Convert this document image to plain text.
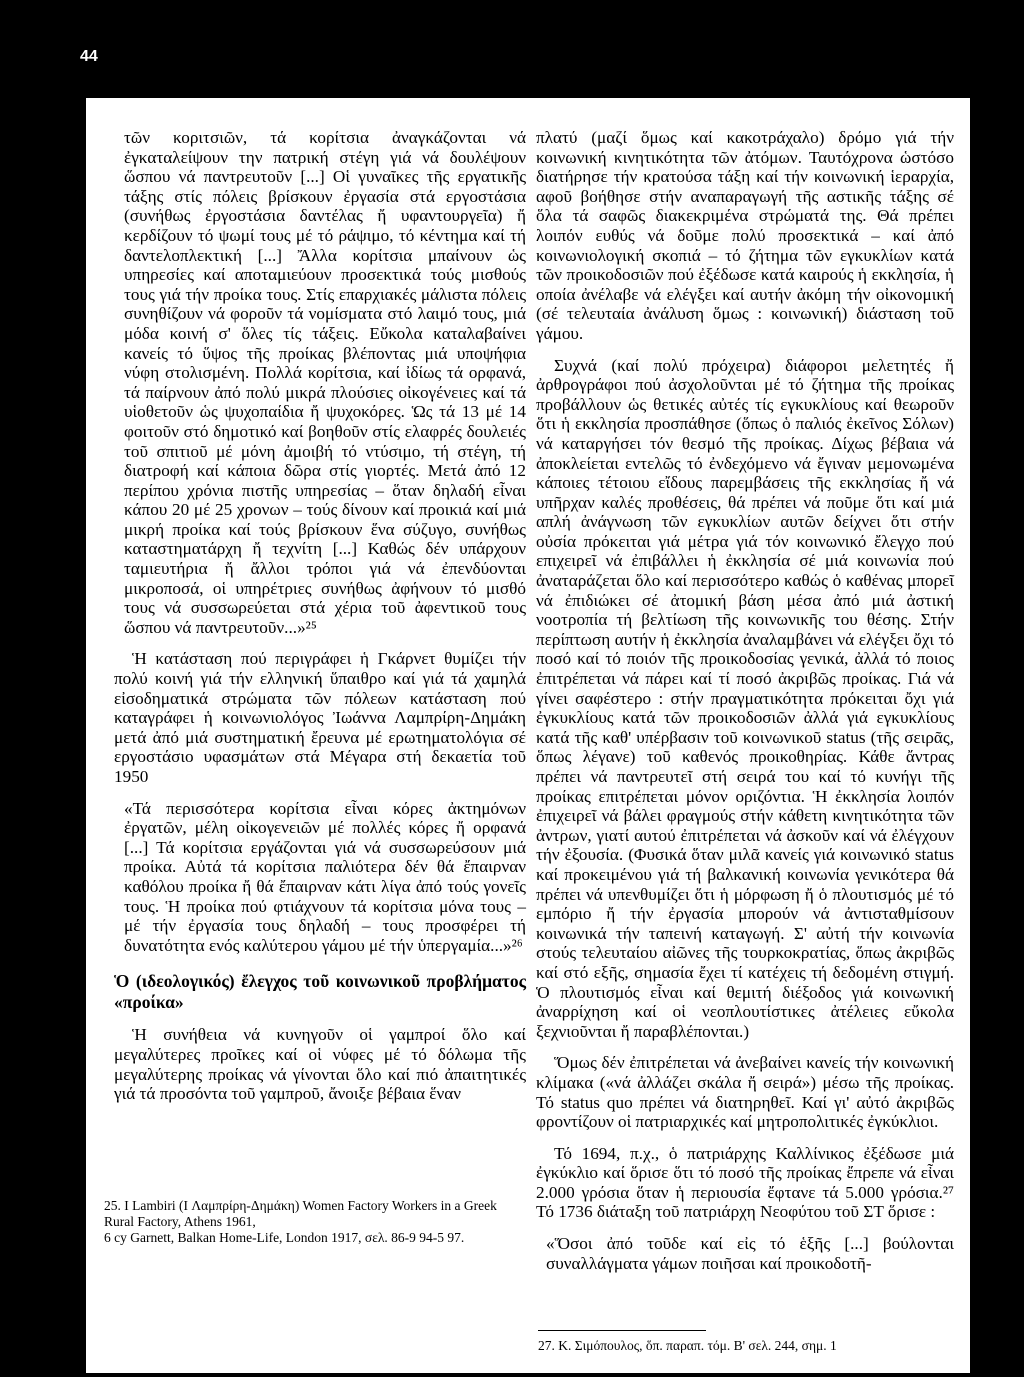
44

τῶν κοριτσιῶν, τά κορίτσια ἀναγκάζονται νά ἐγκαταλείψουν την πατρική στέγη γιά νά δουλέψουν ὥσπου νά παντρευτοῦν [...] Οἱ γυναῖκες τῆς εργατικῆς τάξης στίς πόλεις βρίσκουν ἐργασία στά εργοστάσια (συνήθως ἐργοστάσια δαντέλας ἤ υφαντουργεῖα) ἤ κερδίζουν τό ψωμί τους μέ τό ράψιμο, τό κέντημα καί τή δαντελοπλεκτική [...] Ἄλλα κορίτσια μπαίνουν ὡς υπηρεσίες καί αποταμιεύουν προσεκτικά τούς μισθούς τους γιά τήν προίκα τους. Στίς επαρχιακές μάλιστα πόλεις συνηθίζουν νά φοροῦν τά νομίσματα στό λαιμό τους, μιά μόδα κοινή σ' ὅλες τίς τάξεις. Εὔκολα καταλαβαίνει κανείς τό ὕψος τῆς προίκας βλέποντας μιά υποψήφια νύφη στολισμένη. Πολλά κορίτσια, καί ἰδίως τά ορφανά, τά παίρνουν ἀπό πολύ μικρά πλούσιες οἰκογένειες καί τά υἱοθετοῦν ὡς ψυχοπαίδια ἤ ψυχοκόρες. Ὡς τά 13 μέ 14 φοιτοῦν στό δημοτικό καί βοηθοῦν στίς ελαφρές δουλειές τοῦ σπιτιοῦ μέ μόνη ἀμοιβή τό ντύσιμο, τή στέγη, τή διατροφή καί κάποια δῶρα στίς γιορτές. Μετά ἀπό 12 περίπου χρόνια πιστῆς υπηρεσίας – ὅταν δηλαδή εἶναι κάπου 20 μέ 25 χρονων – τούς δίνουν καί προικιά καί μιά μικρή προίκα καί τούς βρίσκουν ἕνα σύζυγο, συνήθως καταστηματάρχη ἤ τεχνίτη [...] Καθώς δέν υπάρχουν ταμιευτήρια ἤ ἄλλοι τρόποι γιά νά ἐπενδύονται μικροποσά, οἱ υπηρέτριες συνήθως ἀφήνουν τό μισθό τους νά συσσωρεύεται στά χέρια τοῦ ἀφεντικοῦ τους ὥσπου νά παντρευτοῦν...»²⁵

Ἡ κατάσταση πού περιγράφει ἡ Γκάρνετ θυμίζει τήν πολύ κοινή γιά τήν ελληνική ὕπαιθρο καί γιά τά χαμηλά εἰσοδηματικά στρώματα τῶν πόλεων κατάσταση πού καταγράφει ἡ κοινωνιολόγος Ἰωάννα Λαμπρίρη-Δημάκη μετά ἀπό μιά συστηματική ἔρευνα μέ ερωτηματολόγια σέ εργοστάσιο υφασμάτων στά Μέγαρα στή δεκαετία τοῦ 1950

«Τά περισσότερα κορίτσια εἶναι κόρες ἀκτημόνων ἐργατῶν, μέλη οἰκογενειῶν μέ πολλές κόρες ἤ ορφανά [...] Τά κορίτσια εργάζονται γιά νά συσσωρεύσουν μιά προίκα. Αὐτά τά κορίτσια παλιότερα δέν θά ἔπαιρναν καθόλου προίκα ἤ θά ἔπαιρναν κάτι λίγα ἀπό τούς γονεῖς τους. Ἡ προίκα πού φτιάχνουν τά κορίτσια μόνα τους – μέ τήν ἐργασία τους δηλαδή – τους προσφέρει τή δυνατότητα ενός καλύτερου γάμου μέ τήν ὑπεργαμία...»²⁶

Ὁ (ιδεολογικός) ἔλεγχος τοῦ κοινωνικοῦ προβλήματος «προίκα»

Ἡ συνήθεια νά κυνηγοῦν οἱ γαμπροί ὅλο καί μεγαλύτερες προῖκες καί οἱ νύφες μέ τό δόλωμα τῆς μεγαλύτερης προίκας νά γίνονται ὅλο καί πιό ἀπαιτητικές γιά τά προσόντα τοῦ γαμπροῦ, ἄνοιξε βέβαια ἕναν

25. I Lambiri (I Λαμπρίρη-Δημάκη) Women Factory Workers in a Greek Rural Factory, Athens 1961,
6 cy Garnett, Balkan Home-Life, London 1917, σελ. 86-9 94-5 97.

πλατύ (μαζί ὅμως καί κακοτράχαλο) δρόμο γιά τήν κοινωνική κινητικότητα τῶν ἀτόμων. Ταυτόχρονα ὡστόσο διατήρησε τήν κρατούσα τάξη καί τήν κοινωνική ἱεραρχία, αφοῦ βοήθησε στήν αναπαραγωγή τῆς αστικῆς τάξης σέ ὅλα τά σαφῶς διακεκριμένα στρώματά της. Θά πρέπει λοιπόν ευθύς νά δοῦμε πολύ προσεκτικά – καί ἀπό κοινωνιολογική σκοπιά – τό ζήτημα τῶν εγκυκλίων κατά τῶν προικοδοσιῶν πού ἐξέδωσε κατά καιρούς ἡ εκκλησία, ἡ οποία ἀνέλαβε νά ελέγξει καί αυτήν ἀκόμη τήν οἰκονομική (σέ τελευταία ἀνάλυση ὅμως : κοινωνική) διάσταση τοῦ γάμου.

Συχνά (καί πολύ πρόχειρα) διάφοροι μελετητές ἤ ἀρθρογράφοι πού ἀσχολοῦνται μέ τό ζήτημα τῆς προίκας προβάλλουν ὡς θετικές αὐτές τίς εγκυκλίους καί θεωροῦν ὅτι ἡ εκκλησία προσπάθησε (ὅπως ὁ παλιός ἐκεῖνος Σόλων) νά καταργήσει τόν θεσμό τῆς προίκας. Δίχως βέβαια νά ἀποκλείεται εντελῶς τό ἐνδεχόμενο νά ἔγιναν μεμονωμένα κάποιες τέτοιου εἴδους παρεμβάσεις τῆς εκκλησίας ἤ νά υπῆρχαν καλές προθέσεις, θά πρέπει νά ποῦμε ὅτι καί μιά απλή ἀνάγνωση τῶν εγκυκλίων αυτῶν δείχνει ὅτι στήν οὐσία πρόκειται γιά μέτρα γιά τόν κοινωνικό ἔλεγχο πού επιχειρεῖ νά ἐπιβάλλει ἡ ἐκκλησία σέ μιά κοινωνία πού ἀναταράζεται ὅλο καί περισσότερο καθώς ὁ καθένας μπορεῖ νά ἐπιδιώκει σέ ἀτομική βάση μέσα ἀπό μιά ἀστική νοοτροπία τή βελτίωση τῆς κοινωνικῆς του θέσης. Στήν περίπτωση αυτήν ἡ ἐκκλησία ἀναλαμβάνει νά ελέγξει ὄχι τό ποσό καί τό ποιόν τῆς προικοδοσίας γενικά, ἀλλά τό ποιος ἐπιτρέπεται νά πάρει καί τί ποσό ἀκριβῶς προίκας. Γιά νά γίνει σαφέστερο : στήν πραγματικότητα πρόκειται ὄχι γιά ἐγκυκλίους κατά τῶν προικοδοσιῶν ἀλλά γιά εγκυκλίους κατά τῆς καθ' υπέρβασιν τοῦ κοινωνικοῦ status (τῆς σειρᾶς, ὅπως λέγανε) τοῦ καθενός προικοθηρίας. Κάθε ἄντρας πρέπει νά παντρευτεῖ στή σειρά του καί τό κυνήγι τῆς προίκας επιτρέπεται μόνον οριζόντια. Ἡ ἐκκλησία λοιπόν ἐπιχειρεῖ νά βάλει φραγμούς στήν κάθετη κινητικότητα τῶν ἀντρων, γιατί αυτού ἐπιτρέπεται νά ἀσκοῦν καί νά ἐλέγχουν τήν ἐξουσία. (Φυσικά ὅταν μιλᾶ κανείς γιά κοινωνικό status καί προκειμένου γιά τή βαλκανική κοινωνία γενικότερα θά πρέπει νά υπενθυμίζει ὅτι ἡ μόρφωση ἤ ὁ πλουτισμός μέ τό εμπόριο ἤ τήν ἐργασία μπορούν νά ἀντισταθμίσουν κοινωνικά τήν ταπεινή καταγωγή. Σ' αὐτή τήν κοινωνία στούς τελευταίου αἰῶνες τῆς τουρκοκρατίας, ὅπως ἀκριβῶς καί στό εξῆς, σημασία ἔχει τί κατέχεις τή δεδομένη στιγμή. Ὁ πλουτισμός εἶναι καί θεμιτή διέξοδος γιά κοινωνική ἀναρρίχηση καί οἱ νεοπλουτίστικες ἀτέλειες εὔκολα ξεχνιοῦνται ἤ παραβλέπονται.)

Ὅμως δέν ἐπιτρέπεται νά ἀνεβαίνει κανείς τήν κοινωνική κλίμακα («νά ἀλλάζει σκάλα ἤ σειρά») μέσω τῆς προίκας. Τό status quo πρέπει νά διατηρηθεῖ. Καί γι' αὐτό ἀκριβῶς φροντίζουν οἱ πατριαρχικές καί μητροπολιτικές ἐγκύκλιοι.

Τό 1694, π.χ., ὁ πατριάρχης Καλλίνικος ἐξέδωσε μιά ἐγκύκλιο καί ὅρισε ὅτι τό ποσό τῆς προίκας ἔπρεπε νά εἶναι 2.000 γρόσια ὅταν ἡ περιουσία ἔφτανε τά 5.000 γρόσια.²⁷ Τό 1736 διάταξη τοῦ πατριάρχη Νεοφύτου τοῦ ΣΤ ὅρισε :

«Ὅσοι ἀπό τοῦδε καί εἰς τό ἑξῆς [...] βούλονται συναλλάγματα γάμων ποιῆσαι καί προικοδοτῆ-

27. Κ. Σιμόπουλος, ὅπ. παραπ. τόμ. Β' σελ. 244, σημ. 1
